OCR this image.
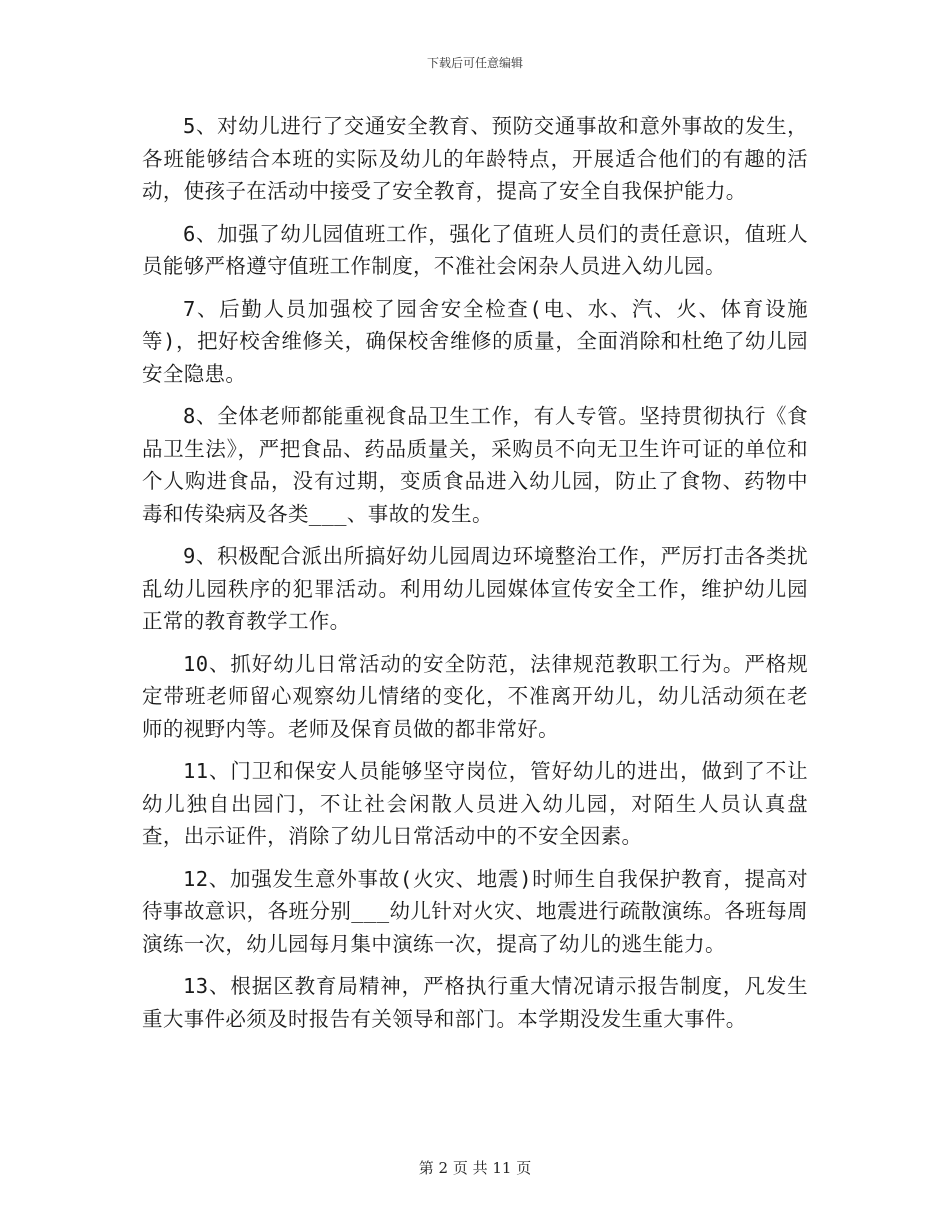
下载后可任意编辑

5、对幼儿进行了交通安全教育、预防交通事故和意外事故的发生，各班能够结合本班的实际及幼儿的年龄特点，开展适合他们的有趣的活动，使孩子在活动中接受了安全教育，提高了安全自我保护能力。

6、加强了幼儿园值班工作，强化了值班人员们的责任意识，值班人员能够严格遵守值班工作制度，不准社会闲杂人员进入幼儿园。

7、后勤人员加强校了园舍安全检查(电、水、汽、火、体育设施等)，把好校舍维修关，确保校舍维修的质量，全面消除和杜绝了幼儿园安全隐患。

8、全体老师都能重视食品卫生工作，有人专管。坚持贯彻执行《食品卫生法》，严把食品、药品质量关，采购员不向无卫生许可证的单位和个人购进食品，没有过期，变质食品进入幼儿园，防止了食物、药物中毒和传染病及各类___、事故的发生。

9、积极配合派出所搞好幼儿园周边环境整治工作，严厉打击各类扰乱幼儿园秩序的犯罪活动。利用幼儿园媒体宣传安全工作，维护幼儿园正常的教育教学工作。

10、抓好幼儿日常活动的安全防范，法律规范教职工行为。严格规定带班老师留心观察幼儿情绪的变化，不准离开幼儿，幼儿活动须在老师的视野内等。老师及保育员做的都非常好。

11、门卫和保安人员能够坚守岗位，管好幼儿的进出，做到了不让幼儿独自出园门，不让社会闲散人员进入幼儿园，对陌生人员认真盘查，出示证件，消除了幼儿日常活动中的不安全因素。

12、加强发生意外事故(火灾、地震)时师生自我保护教育，提高对待事故意识，各班分别___幼儿针对火灾、地震进行疏散演练。各班每周演练一次，幼儿园每月集中演练一次，提高了幼儿的逃生能力。

13、根据区教育局精神，严格执行重大情况请示报告制度，凡发生重大事件必须及时报告有关领导和部门。本学期没发生重大事件。

第 2 页 共 11 页
